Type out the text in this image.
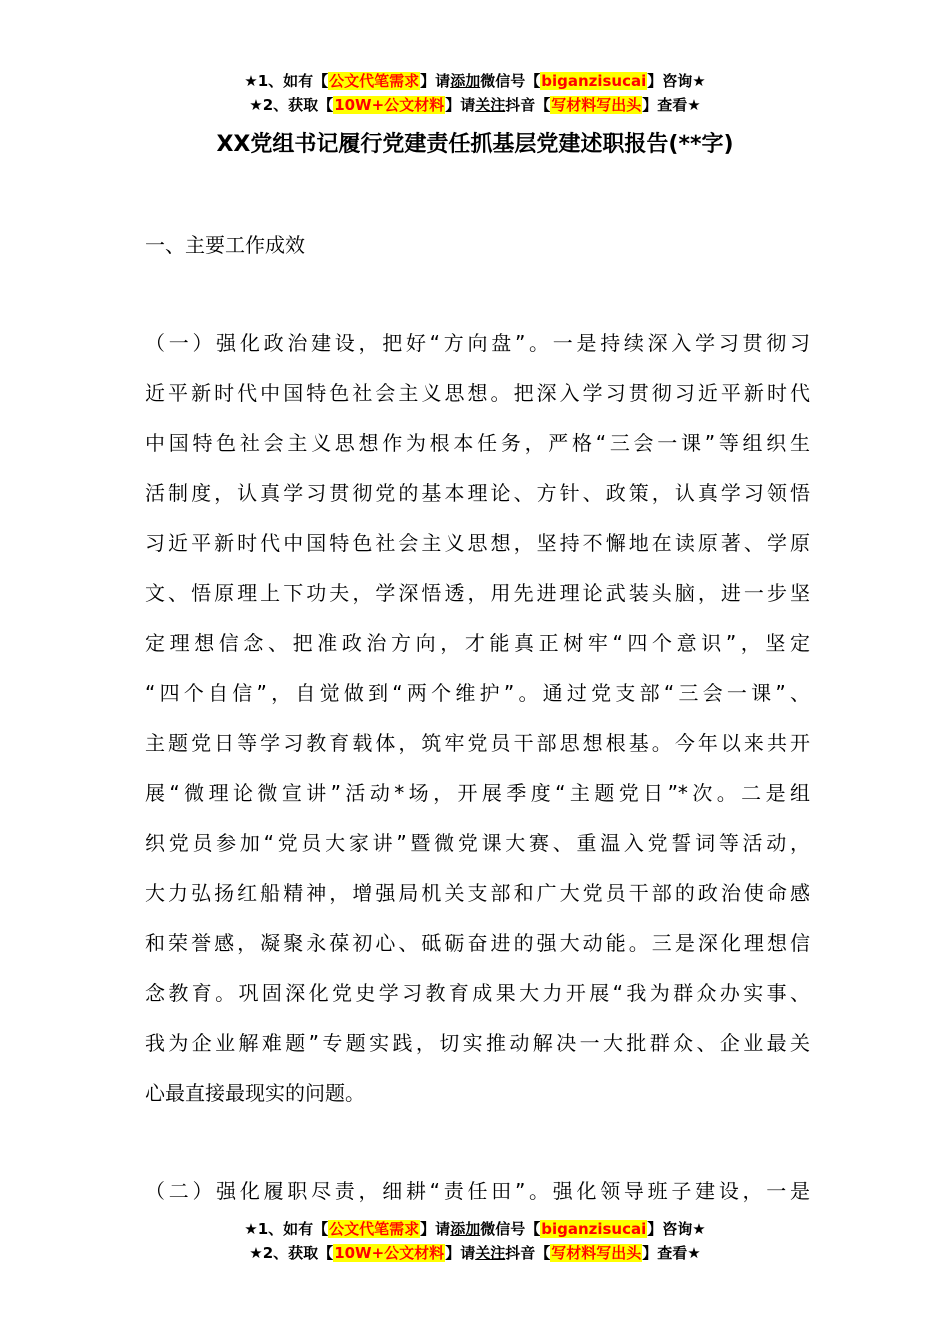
★1、如有【公文代笔需求】请添加微信号【biganzisucai】咨询★
★2、获取【10W+公文材料】请关注抖音【写材料写出头】查看★
XX党组书记履行党建责任抓基层党建述职报告(**字)
一、主要工作成效
（一）强化政治建设，把好“方向盘”。一是持续深入学习贯彻习
近平新时代中国特色社会主义思想。把深入学习贯彻习近平新时代
中国特色社会主义思想作为根本任务，严格“三会一课”等组织生
活制度，认真学习贯彻党的基本理论、方针、政策，认真学习领悟
习近平新时代中国特色社会主义思想，坚持不懈地在读原著、学原
文、悟原理上下功夫，学深悟透，用先进理论武装头脑，进一步坚
定理想信念、把准政治方向，才能真正树牢“四个意识”，坚定
“四个自信”，自觉做到“两个维护”。通过党支部“三会一课”、
主题党日等学习教育载体，筑牢党员干部思想根基。今年以来共开
展“微理论微宣讲”活动*场，开展季度“主题党日”*次。二是组
织党员参加“党员大家讲”暨微党课大赛、重温入党誓词等活动，
大力弘扬红船精神，增强局机关支部和广大党员干部的政治使命感
和荣誉感，凝聚永葆初心、砥砺奋进的强大动能。三是深化理想信
念教育。巩固深化党史学习教育成果大力开展“我为群众办实事、
我为企业解难题”专题实践，切实推动解决一大批群众、企业最关
心最直接最现实的问题。
（二）强化履职尽责，细耕“责任田”。强化领导班子建设，一是
★1、如有【公文代笔需求】请添加微信号【biganzisucai】咨询★
★2、获取【10W+公文材料】请关注抖音【写材料写出头】查看★
